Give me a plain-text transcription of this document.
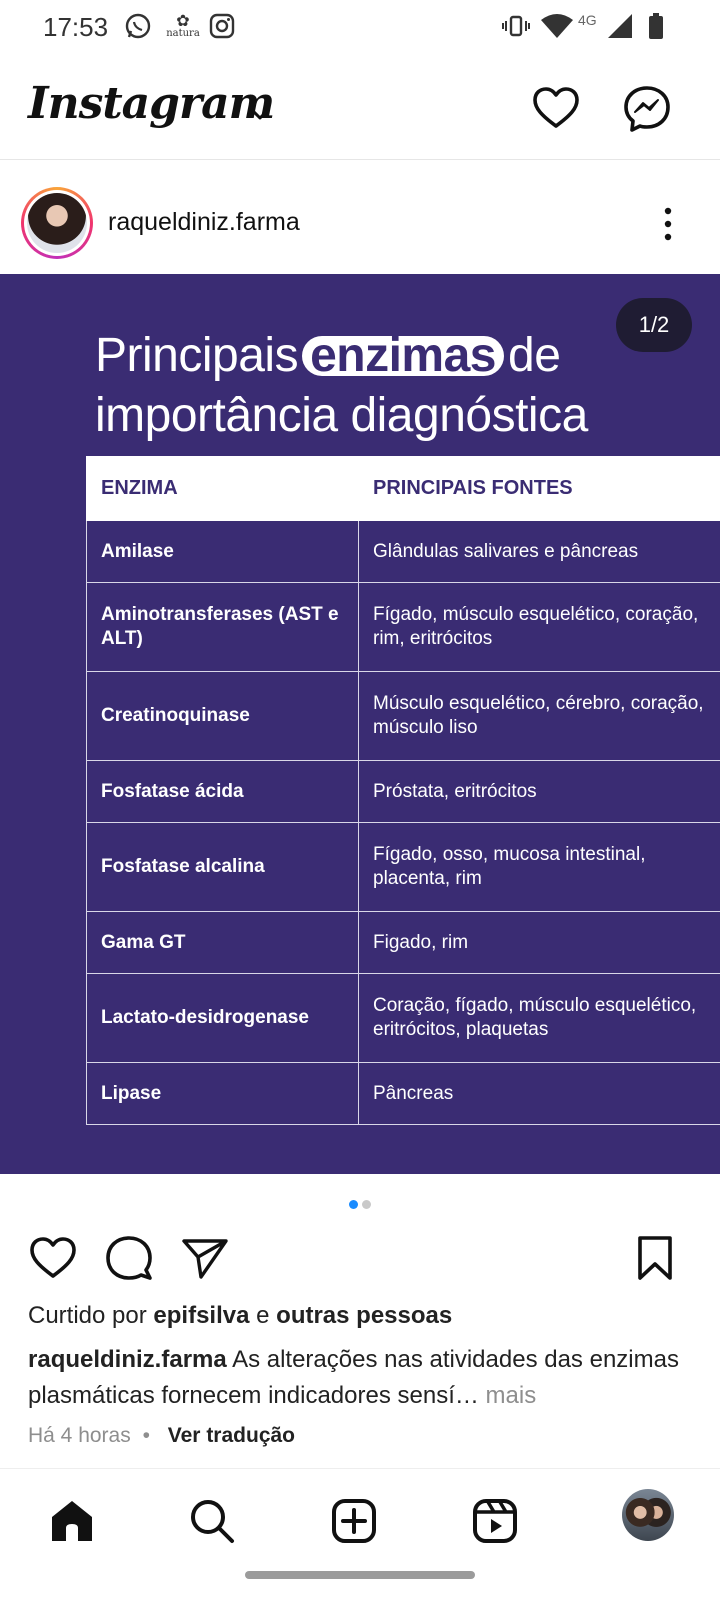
17:53	✿
natura
4G
Instagram
raqueldiniz.farma
1/2
Principais enzimas de
importância diagnóstica
ENZIMA	PRINCIPAIS FONTES
Amilase	Glândulas salivares e pâncreas
Aminotransferases (AST e ALT)	Fígado, músculo esquelético, coração, rim, eritrócitos
Creatinoquinase	Músculo esquelético, cérebro, coração, músculo liso
Fosfatase ácida	Próstata, eritrócitos
Fosfatase alcalina	Fígado, osso, mucosa intestinal, placenta, rim
Gama GT	Figado, rim
Lactato-desidrogenase	Coração, fígado, músculo esquelético, eritrócitos, plaquetas
Lipase	Pâncreas
Curtido por epifsilva e outras pessoas
raqueldiniz.farma As alterações nas atividades das enzimas plasmáticas fornecem indicadores sensí… mais
Há 4 horas • Ver tradução
